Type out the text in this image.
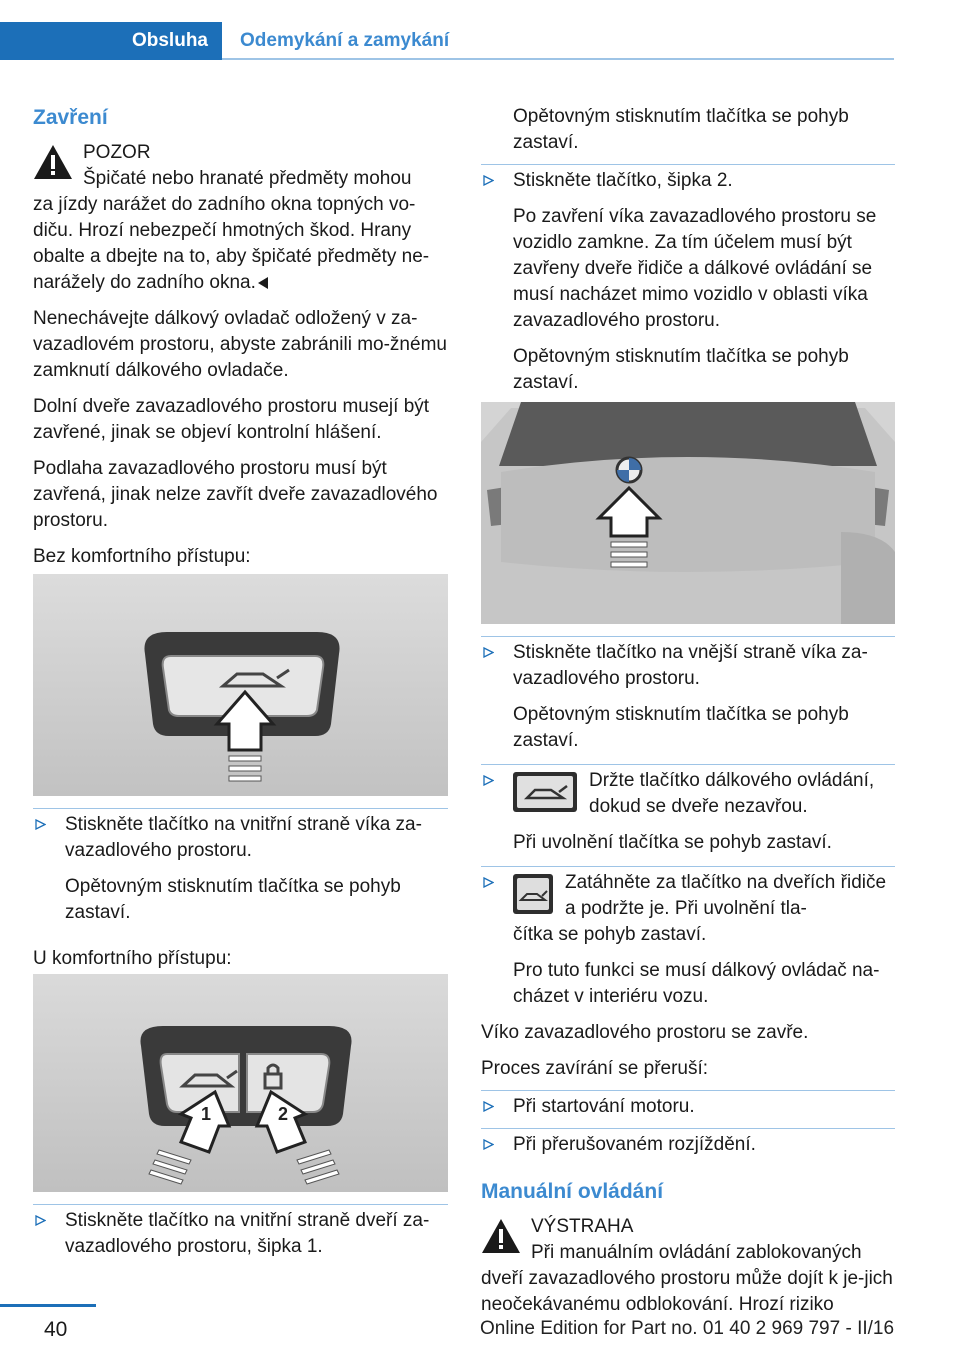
Obsluha	Odemykání a zamykání
Zavření

POZOR

Špičaté nebo hranaté předměty mohou

za jízdy narážet do zadního okna topných vo-diču. Hrozí nebezpečí hmotných škod. Hrany obalte a dbejte na to, aby špičaté předměty ne-narážely do zadního okna.

Nenechávejte dálkový ovladač odložený v za-vazadlovém prostoru, abyste zabránili mo-žnému zamknutí dálkového ovladače.

Dolní dveře zavazadlového prostoru musejí být zavřené, jinak se objeví kontrolní hlášení.

Podlaha zavazadlového prostoru musí být zavřená, jinak nelze zavřít dveře zavazadlového prostoru.

Bez komfortního přístupu:

Stiskněte tlačítko na vnitřní straně víka za-vazadlového prostoru.

Opětovným stisknutím tlačítka se pohyb zastaví.

U komfortního přístupu:

1	2

Stiskněte tlačítko na vnitřní straně dveří za-vazadlového prostoru, šipka 1.

Opětovným stisknutím tlačítka se pohyb zastaví.

Stiskněte tlačítko, šipka 2.

Po zavření víka zavazadlového prostoru se vozidlo zamkne. Za tím účelem musí být zavřeny dveře řidiče a dálkové ovládání se musí nacházet mimo vozidlo v oblasti víka zavazadlového prostoru.

Opětovným stisknutím tlačítka se pohyb zastaví.

Stiskněte tlačítko na vnější straně víka za-vazadlového prostoru.

Opětovným stisknutím tlačítka se pohyb zastaví.

Držte tlačítko dálkového ovládání, dokud se dveře nezavřou.

Při uvolnění tlačítka se pohyb zastaví.

Zatáhněte za tlačítko na dveřích řidiče a podržte je. Při uvolnění tla-

čítka se pohyb zastaví.

Pro tuto funkci se musí dálkový ovládač na-cházet v interiéru vozu.

Víko zavazadlového prostoru se zavře.

Proces zavírání se přeruší:

Při startování motoru.

Při přerušovaném rozjíždění.

Manuální ovládání

VÝSTRAHA

Při manuálním ovládání zablokovaných

dveří zavazadlového prostoru může dojít k je-jich neočekávanému odblokování. Hrozí riziko

40	Online Edition for Part no. 01 40 2 969 797 - II/16
